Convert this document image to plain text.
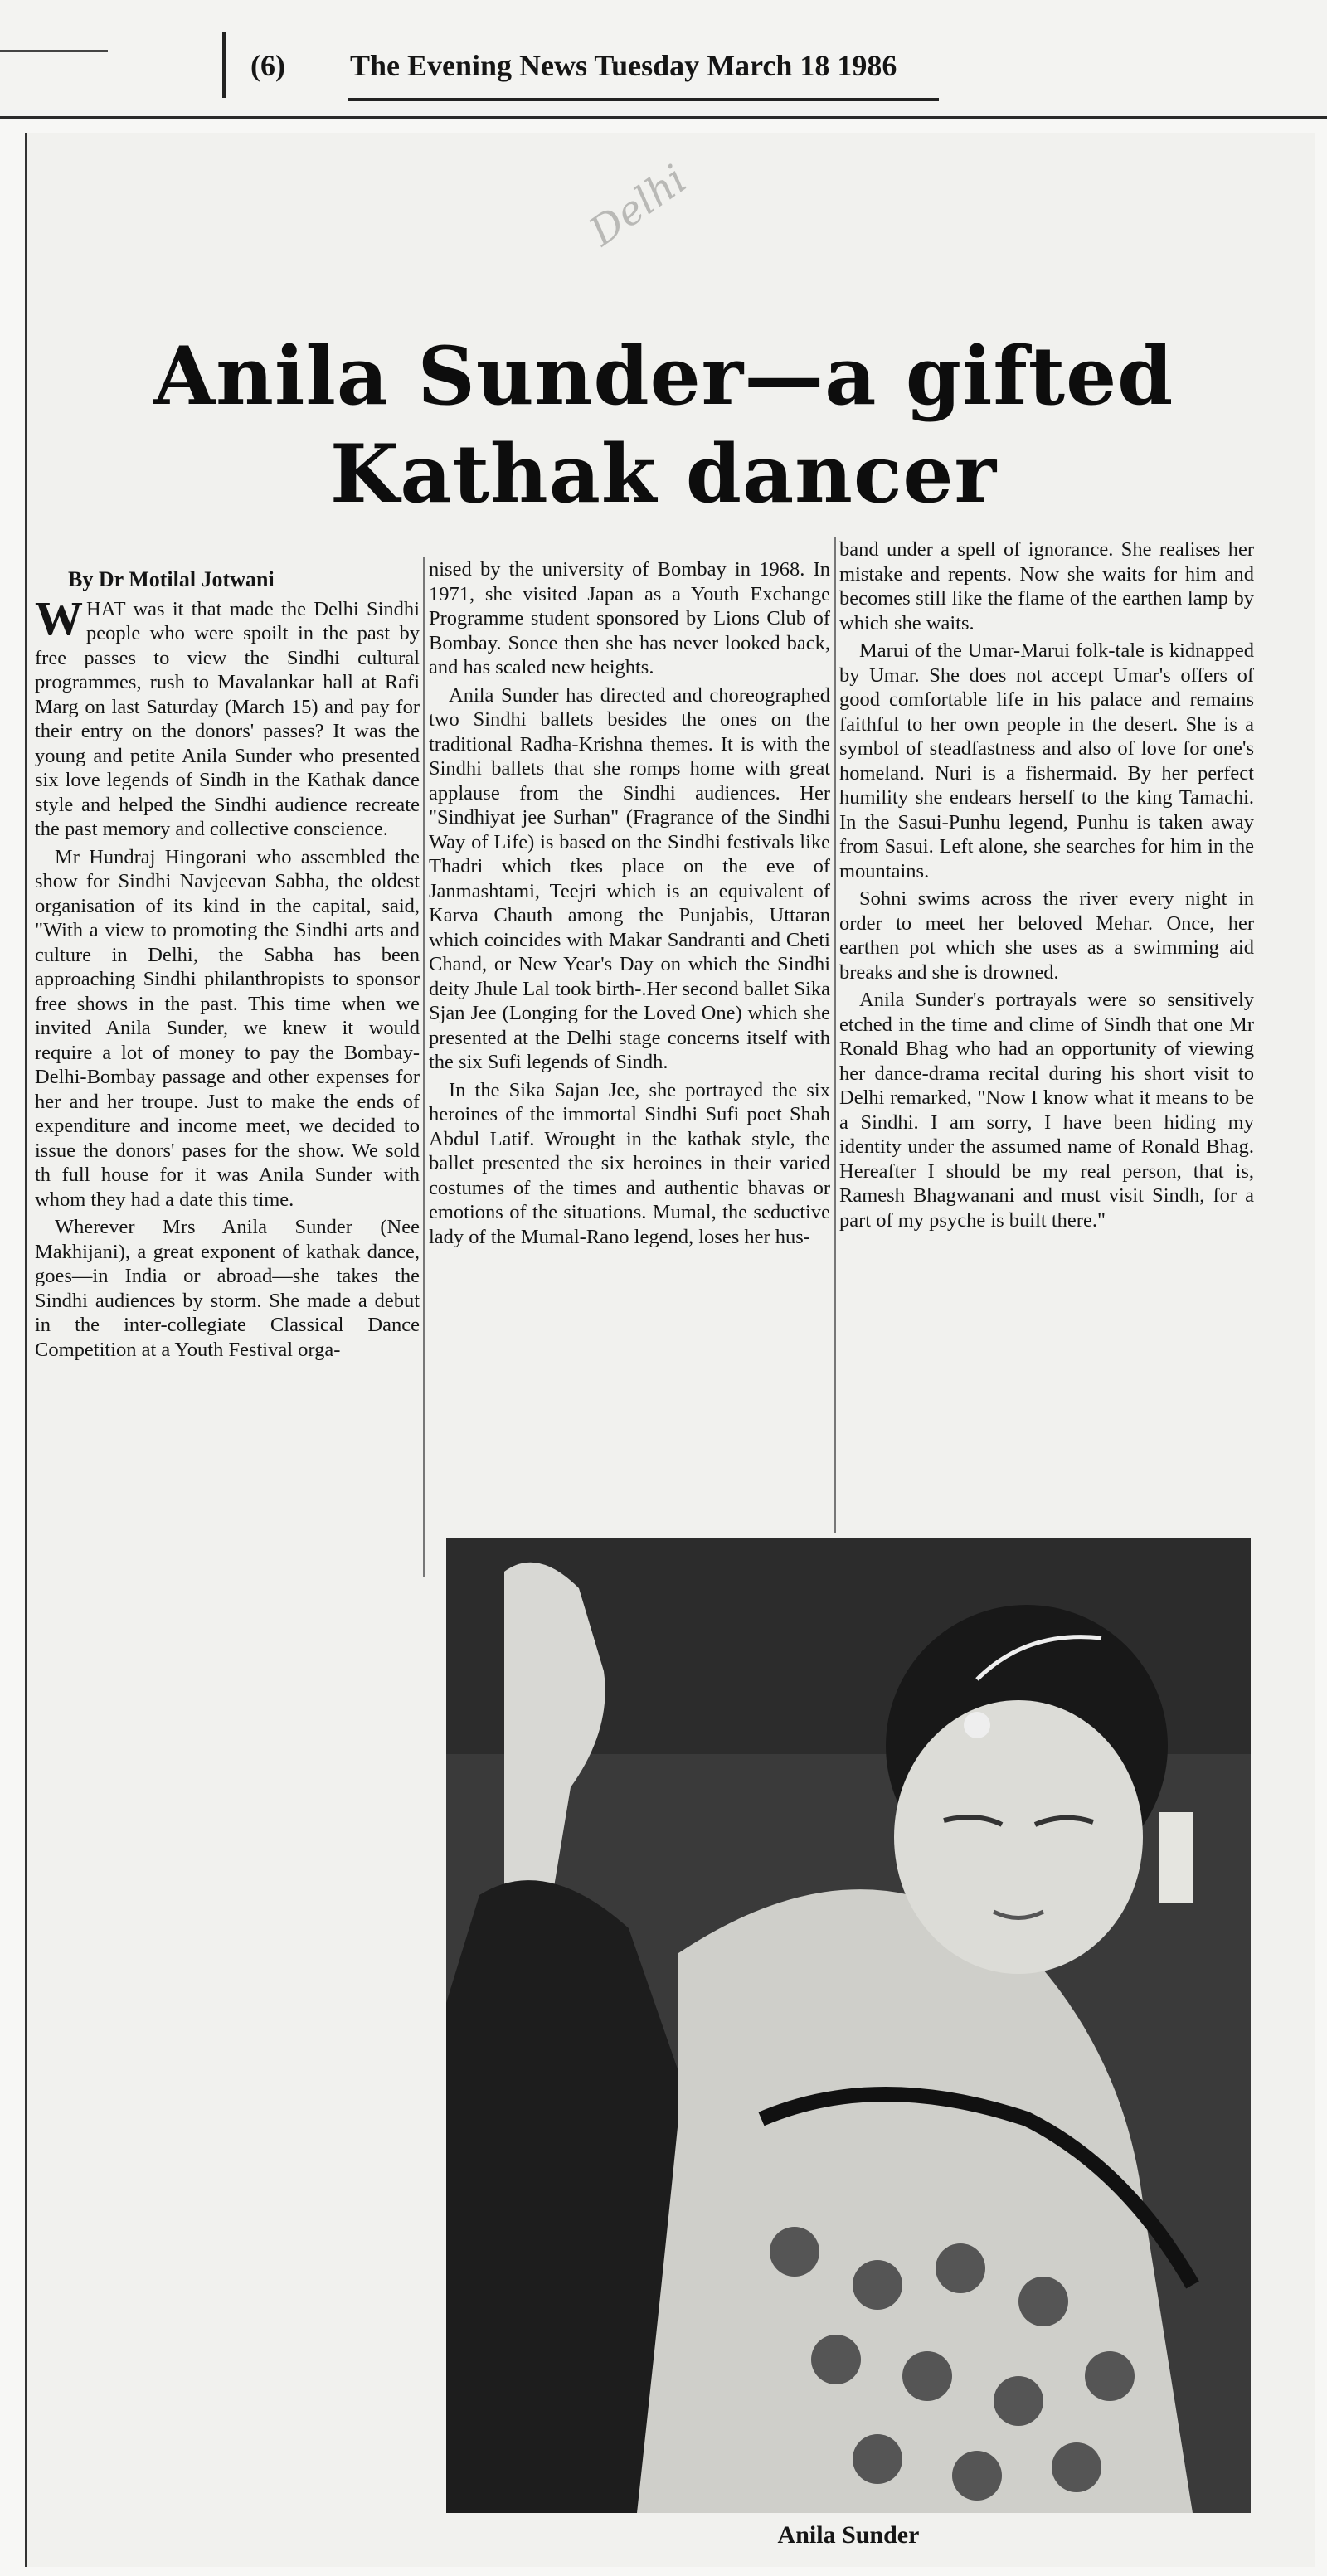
(6) The Evening News Tuesday March 18 1986
Delhi
Anila Sunder—a gifted Kathak dancer
By Dr Motilal Jotwani

WHAT was it that made the Delhi Sindhi people who were spoilt in the past by free passes to view the Sindhi cultural programmes, rush to Mavalankar hall at Rafi Marg on last Saturday (March 15) and pay for their entry on the donors' passes? It was the young and petite Anila Sunder who presented six love legends of Sindh in the Kathak dance style and helped the Sindhi audience recreate the past memory and collective conscience.

Mr Hundraj Hingorani who assembled the show for Sindhi Navjeevan Sabha, the oldest organisation of its kind in the capital, said, "With a view to promoting the Sindhi arts and culture in Delhi, the Sabha has been approaching Sindhi philanthropists to sponsor free shows in the past. This time when we invited Anila Sunder, we knew it would require a lot of money to pay the Bombay-Delhi-Bombay passage and other expenses for her and her troupe. Just to make the ends of expenditure and income meet, we decided to issue the donors' pases for the show. We sold th full house for it was Anila Sunder with whom they had a date this time.

Wherever Mrs Anila Sunder (Nee Makhijani), a great exponent of kathak dance, goes—in India or abroad—she takes the Sindhi audiences by storm. She made a debut in the inter-collegiate Classical Dance Competition at a Youth Festival orga-

nised by the university of Bombay in 1968. In 1971, she visited Japan as a Youth Exchange Programme student sponsored by Lions Club of Bombay. Sonce then she has never looked back, and has scaled new heights.

Anila Sunder has directed and choreographed two Sindhi ballets besides the ones on the traditional Radha-Krishna themes. It is with the Sindhi ballets that she romps home with great applause from the Sindhi audiences. Her "Sindhiyat jee Surhan" (Fragrance of the Sindhi Way of Life) is based on the Sindhi festivals like Thadri which tkes place on the eve of Janmashtami, Teejri which is an equivalent of Karva Chauth among the Punjabis, Uttaran which coincides with Makar Sandranti and Cheti Chand, or New Year's Day on which the Sindhi deity Jhule Lal took birth-.Her second ballet Sika Sjan Jee (Longing for the Loved One) which she presented at the Delhi stage concerns itself with the six Sufi legends of Sindh.

In the Sika Sajan Jee, she portrayed the six heroines of the immortal Sindhi Sufi poet Shah Abdul Latif. Wrought in the kathak style, the ballet presented the six heroines in their varied costumes of the times and authentic bhavas or emotions of the situations. Mumal, the seductive lady of the Mumal-Rano legend, loses her hus-

band under a spell of ignorance. She realises her mistake and repents. Now she waits for him and becomes still like the flame of the earthen lamp by which she waits.

Marui of the Umar-Marui folk-tale is kidnapped by Umar. She does not accept Umar's offers of good comfortable life in his palace and remains faithful to her own people in the desert. She is a symbol of steadfastness and also of love for one's homeland. Nuri is a fishermaid. By her perfect humility she endears herself to the king Tamachi. In the Sasui-Punhu legend, Punhu is taken away from Sasui. Left alone, she searches for him in the mountains.

Sohni swims across the river every night in order to meet her beloved Mehar. Once, her earthen pot which she uses as a swimming aid breaks and she is drowned.

Anila Sunder's portrayals were so sensitively etched in the time and clime of Sindh that one Mr Ronald Bhag who had an opportunity of viewing her dance-drama recital during his short visit to Delhi remarked, "Now I know what it means to be a Sindhi. I am sorry, I have been hiding my identity under the assumed name of Ronald Bhag. Hereafter I should be my real person, that is, Ramesh Bhagwanani and must visit Sindh, for a part of my psyche is built there."

Anila Sunder
